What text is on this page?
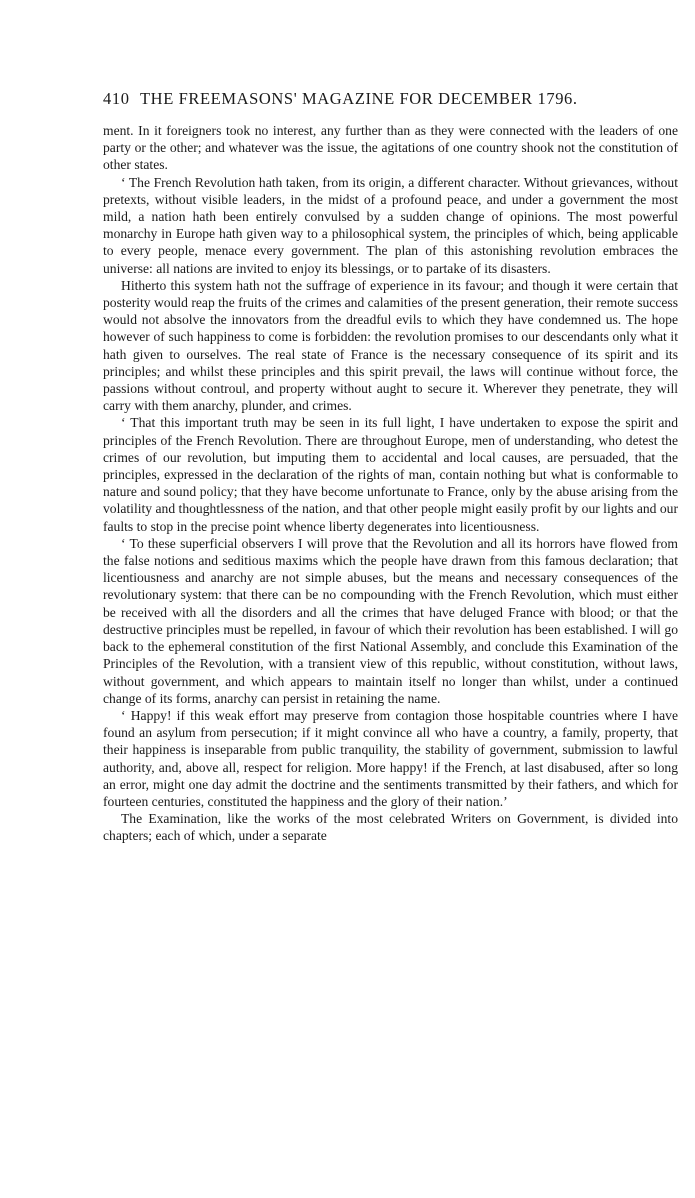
410 THE FREEMASONS' MAGAZINE FOR DECEMBER 1796.

ment. In it foreigners took no interest, any further than as they were connected with the leaders of one party or the other; and whatever was the issue, the agitations of one country shook not the constitution of other states.

‘ The French Revolution hath taken, from its origin, a different character. Without grievances, without pretexts, without visible leaders, in the midst of a profound peace, and under a government the most mild, a nation hath been entirely convulsed by a sudden change of opinions. The most powerful monarchy in Europe hath given way to a philosophical system, the principles of which, being applicable to every people, menace every government. The plan of this astonishing revolution embraces the universe: all nations are invited to enjoy its blessings, or to partake of its disasters.

Hitherto this system hath not the suffrage of experience in its favour; and though it were certain that posterity would reap the fruits of the crimes and calamities of the present generation, their remote success would not absolve the innovators from the dreadful evils to which they have condemned us. The hope however of such happiness to come is forbidden: the revolution promises to our descendants only what it hath given to ourselves. The real state of France is the necessary consequence of its spirit and its principles; and whilst these principles and this spirit prevail, the laws will continue without force, the passions without controul, and property without aught to secure it. Wherever they penetrate, they will carry with them anarchy, plunder, and crimes.

‘ That this important truth may be seen in its full light, I have undertaken to expose the spirit and principles of the French Revolution. There are throughout Europe, men of understanding, who detest the crimes of our revolution, but imputing them to accidental and local causes, are persuaded, that the principles, expressed in the declaration of the rights of man, contain nothing but what is conformable to nature and sound policy; that they have become unfortunate to France, only by the abuse arising from the volatility and thoughtlessness of the nation, and that other people might easily profit by our lights and our faults to stop in the precise point whence liberty degenerates into licentiousness.

‘ To these superficial observers I will prove that the Revolution and all its horrors have flowed from the false notions and seditious maxims which the people have drawn from this famous declaration; that licentiousness and anarchy are not simple abuses, but the means and necessary consequences of the revolutionary system: that there can be no compounding with the French Revolution, which must either be received with all the disorders and all the crimes that have deluged France with blood; or that the destructive principles must be repelled, in favour of which their revolution has been established. I will go back to the ephemeral constitution of the first National Assembly, and conclude this Examination of the Principles of the Revolution, with a transient view of this republic, without constitution, without laws, without government, and which appears to maintain itself no longer than whilst, under a continued change of its forms, anarchy can persist in retaining the name.

‘ Happy! if this weak effort may preserve from contagion those hospitable countries where I have found an asylum from persecution; if it might convince all who have a country, a family, property, that their happiness is inseparable from public tranquility, the stability of government, submission to lawful authority, and, above all, respect for religion. More happy! if the French, at last disabused, after so long an error, might one day admit the doctrine and the sentiments transmitted by their fathers, and which for fourteen centuries, constituted the happiness and the glory of their nation.’

The Examination, like the works of the most celebrated Writers on Government, is divided into chapters; each of which, under a separate
